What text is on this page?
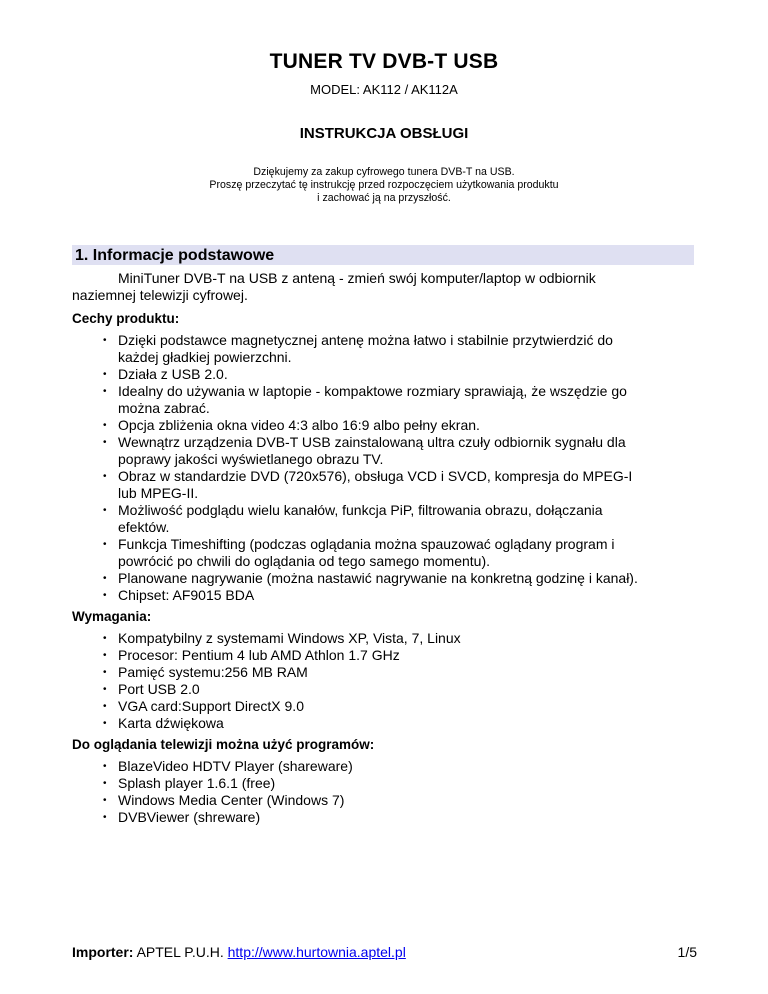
TUNER TV DVB-T USB
MODEL: AK112 / AK112A
INSTRUKCJA OBSŁUGI
Dziękujemy za zakup cyfrowego tunera DVB-T na USB.
Proszę przeczytać tę instrukcję przed rozpoczęciem użytkowania produktu
i zachować ją na przyszłość.
1. Informacje podstawowe

MiniTuner DVB-T na USB z anteną - zmień swój komputer/laptop w odbiornik
naziemnej telewizji cyfrowej.

Cechy produktu:
• Dzięki podstawce magnetycznej antenę można łatwo i stabilnie przytwierdzić do
każdej gładkiej powierzchni.
• Działa z USB 2.0.
• Idealny do używania w laptopie - kompaktowe rozmiary sprawiają, że wszędzie go
można zabrać.
• Opcja zbliżenia okna video 4:3 albo 16:9 albo pełny ekran.
• Wewnątrz urządzenia DVB-T USB zainstalowaną ultra czuły odbiornik sygnału dla
poprawy jakości wyświetlanego obrazu TV.
• Obraz w standardzie DVD (720x576), obsługa VCD i SVCD, kompresja do MPEG-I
lub MPEG-II.
• Możliwość podglądu wielu kanałów, funkcja PiP, filtrowania obrazu, dołączania
efektów.
• Funkcja Timeshifting (podczas oglądania można spauzować oglądany program i
powrócić po chwili do oglądania od tego samego momentu).
• Planowane nagrywanie (można nastawić nagrywanie na konkretną godzinę i kanał).
• Chipset: AF9015 BDA
Wymagania:
• Kompatybilny z systemami Windows XP, Vista, 7, Linux
• Procesor: Pentium 4 lub AMD Athlon 1.7 GHz
• Pamięć systemu:256 MB RAM
• Port USB 2.0
• VGA card:Support DirectX 9.0
• Karta dźwiękowa
Do oglądania telewizji można użyć programów:
• BlazeVideo HDTV Player (shareware)
• Splash player 1.6.1 (free)
• Windows Media Center (Windows 7)
• DVBViewer (shreware)
Importer: APTEL P.U.H. http://www.hurtownia.aptel.pl	1/5
